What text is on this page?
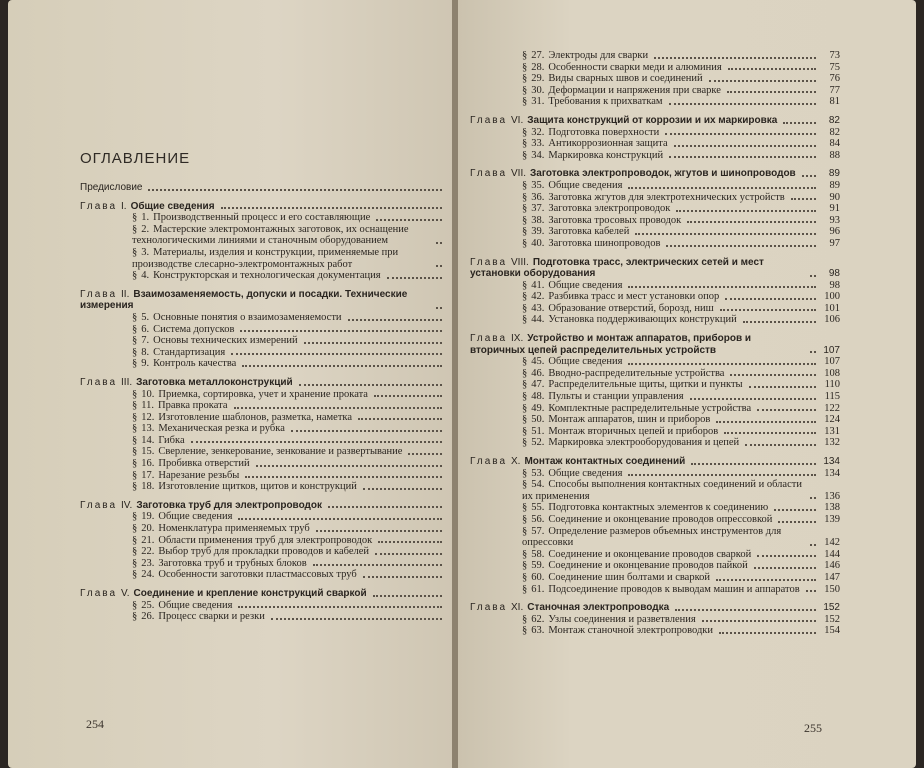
ОГЛАВЛЕНИЕ
Предисловие
Глава I. Общие сведения
§ 1. Производственный процесс и его составляющие
§ 2. Мастерские электромонтажных заготовок, их оснащение технологическими линиями и станочным оборудованием
§ 3. Материалы, изделия и конструкции, применяемые при производстве слесарно-электромонтажных работ
§ 4. Конструкторская и технологическая документация
Глава II. Взаимозаменяемость, допуски и посадки. Технические измерения
§ 5. Основные понятия о взаимозаменяемости
§ 6. Система допусков
§ 7. Основы технических измерений
§ 8. Стандартизация
§ 9. Контроль качества
Глава III. Заготовка металлоконструкций
§ 10. Приемка, сортировка, учет и хранение проката
§ 11. Правка проката
§ 12. Изготовление шаблонов, разметка, наметка
§ 13. Механическая резка и рубка
§ 14. Гибка
§ 15. Сверление, зенкерование, зенкование и развертывание
§ 16. Пробивка отверстий
§ 17. Нарезание резьбы
§ 18. Изготовление щитков, щитов и конструкций
Глава IV. Заготовка труб для электропроводок
§ 19. Общие сведения
§ 20. Номенклатура применяемых труб
§ 21. Области применения труб для электропроводок
§ 22. Выбор труб для прокладки проводов и кабелей
§ 23. Заготовка труб и трубных блоков
§ 24. Особенности заготовки пластмассовых труб
Глава V. Соединение и крепление конструкций сваркой
§ 25. Общие сведения
§ 26. Процесс сварки и резки
254
§ 27. Электроды для сварки	73
§ 28. Особенности сварки меди и алюминия	75
§ 29. Виды сварных швов и соединений	76
§ 30. Деформации и напряжения при сварке	77
§ 31. Требования к прихваткам	81
Глава VI. Защита конструкций от коррозии и их маркировка	82
§ 32. Подготовка поверхности	82
§ 33. Антикоррозионная защита	84
§ 34. Маркировка конструкций	88
Глава VII. Заготовка электропроводок, жгутов и шинопроводов	89
§ 35. Общие сведения	89
§ 36. Заготовка жгутов для электротехнических устройств	90
§ 37. Заготовка электропроводок	91
§ 38. Заготовка тросовых проводок	93
§ 39. Заготовка кабелей	96
§ 40. Заготовка шинопроводов	97
Глава VIII. Подготовка трасс, электрических сетей и мест установки оборудования	98
§ 41. Общие сведения	98
§ 42. Разбивка трасс и мест установки опор	100
§ 43. Образование отверстий, борозд, ниш	101
§ 44. Установка поддерживающих конструкций	106
Глава IX. Устройство и монтаж аппаратов, приборов и вторичных цепей распределительных устройств	107
§ 45. Общие сведения	107
§ 46. Вводно-распределительные устройства	108
§ 47. Распределительные щиты, щитки и пункты	110
§ 48. Пульты и станции управления	115
§ 49. Комплектные распределительные устройства	122
§ 50. Монтаж аппаратов, шин и приборов	124
§ 51. Монтаж вторичных цепей и приборов	131
§ 52. Маркировка электрооборудования и цепей	132
Глава X. Монтаж контактных соединений	134
§ 53. Общие сведения	134
§ 54. Способы выполнения контактных соединений и области их применения	136
§ 55. Подготовка контактных элементов к соединению	138
§ 56. Соединение и оконцевание проводов опрессовкой	139
§ 57. Определение размеров объемных инструментов для опрессовки	142
§ 58. Соединение и оконцевание проводов сваркой	144
§ 59. Соединение и оконцевание проводов пайкой	146
§ 60. Соединение шин болтами и сваркой	147
§ 61. Подсоединение проводов к выводам машин и аппаратов	150
Глава XI. Станочная электропроводка	152
§ 62. Узлы соединения и разветвления	152
§ 63. Монтаж станочной электропроводки	154
255
